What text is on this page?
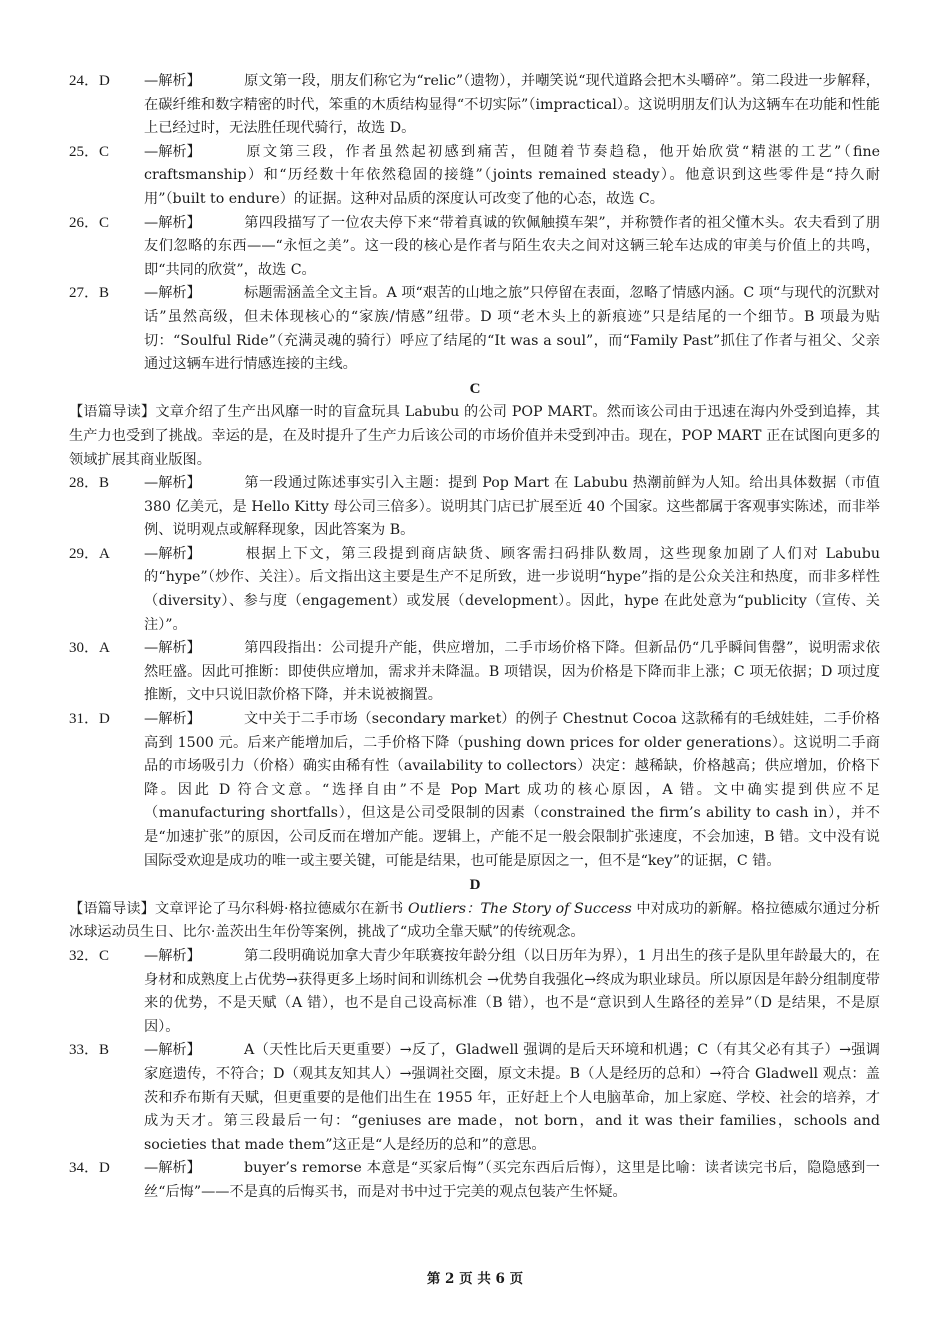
24．D	—解析】	原文第一段，朋友们称它为“relic”（遗物），并嘲笑说“现代道路会把木头嚼碎”。第二段进一步解释，在碳纤维和数字精密的时代，笨重的木质结构显得“不切实际”（impractical）。这说明朋友们认为这辆车在功能和性能上已经过时，无法胜任现代骑行，故选 D。
25．C	—解析】	原文第三段，作者虽然起初感到痛苦，但随着节奏趋稳，他开始欣赏“精湛的工艺”（fine craftsmanship）和“历经数十年依然稳固的接缝”（joints remained steady）。他意识到这些零件是“持久耐用”（built to endure）的证据。这种对品质的深度认可改变了他的心态，故选 C。
26．C	—解析】	第四段描写了一位农夫停下来“带着真诚的钦佩触摸车架”，并称赞作者的祖父懂木头。农夫看到了朋友们忽略的东西——“永恒之美”。这一段的核心是作者与陌生农夫之间对这辆三轮车达成的审美与价值上的共鸣，即“共同的欣赏”，故选 C。
27．B	—解析】	标题需涵盖全文主旨。A 项“艰苦的山地之旅”只停留在表面，忽略了情感内涵。C 项“与现代的沉默对话”虽然高级，但未体现核心的“家族/情感”纽带。D 项“老木头上的新痕迹”只是结尾的一个细节。B 项最为贴切：“Soulful Ride”（充满灵魂的骑行）呼应了结尾的“It was a soul”，而“Family Past”抓住了作者与祖父、父亲通过这辆车进行情感连接的主线。
C
【语篇导读】文章介绍了生产出风靡一时的盲盒玩具 Labubu 的公司 POP MART。然而该公司由于迅速在海内外受到追捧，其生产力也受到了挑战。幸运的是，在及时提升了生产力后该公司的市场价值并未受到冲击。现在，POP MART 正在试图向更多的领域扩展其商业版图。
28．B	—解析】	第一段通过陈述事实引入主题：提到 Pop Mart 在 Labubu 热潮前鲜为人知。给出具体数据（市值 380 亿美元，是 Hello Kitty 母公司三倍多）。说明其门店已扩展至近 40 个国家。这些都属于客观事实陈述，而非举例、说明观点或解释现象，因此答案为 B。
29．A	—解析】	根据上下文，第三段提到商店缺货、顾客需扫码排队数周，这些现象加剧了人们对 Labubu 的“hype”（炒作、关注）。后文指出这主要是生产不足所致，进一步说明“hype”指的是公众关注和热度，而非多样性（diversity）、参与度（engagement）或发展（development）。因此，hype 在此处意为“publicity（宣传、关注）”。
30．A	—解析】	第四段指出：公司提升产能，供应增加，二手市场价格下降。但新品仍“几乎瞬间售罄”，说明需求依然旺盛。因此可推断：即使供应增加，需求并未降温。B 项错误，因为价格是下降而非上涨；C 项无依据；D 项过度推断，文中只说旧款价格下降，并未说被搁置。
31．D	—解析】	文中关于二手市场（secondary market）的例子 Chestnut Cocoa 这款稀有的毛绒娃娃，二手价格高到 1500 元。后来产能增加后，二手价格下降（pushing down prices for older generations）。这说明二手商品的市场吸引力（价格）确实由稀有性（availability to collectors）决定：越稀缺，价格越高；供应增加，价格下降。因此 D 符合文意。“选择自由”不是 Pop Mart 成功的核心原因，A 错。文中确实提到供应不足（manufacturing shortfalls），但这是公司受限制的因素（constrained the firm’s ability to cash in），并不是“加速扩张”的原因，公司反而在增加产能。逻辑上，产能不足一般会限制扩张速度，不会加速，B 错。文中没有说国际受欢迎是成功的唯一或主要关键，可能是结果，也可能是原因之一，但不是“key”的证据，C 错。
D
【语篇导读】文章评论了马尔科姆·格拉德威尔在新书 Outliers：The Story of Success 中对成功的新解。格拉德威尔通过分析冰球运动员生日、比尔·盖茨出生年份等案例，挑战了“成功全靠天赋”的传统观念。
32．C	—解析】	第二段明确说加拿大青少年联赛按年龄分组（以日历年为界），1 月出生的孩子是队里年龄最大的，在身材和成熟度上占优势→获得更多上场时间和训练机会 →优势自我强化→终成为职业球员。所以原因是年龄分组制度带来的优势，不是天赋（A 错），也不是自己设高标准（B 错），也不是“意识到人生路径的差异”（D 是结果，不是原因）。
33．B	—解析】	A（天性比后天更重要）→反了，Gladwell 强调的是后天环境和机遇；C（有其父必有其子）→强调家庭遗传，不符合；D（观其友知其人）→强调社交圈，原文未提。B（人是经历的总和）→符合 Gladwell 观点：盖茨和乔布斯有天赋，但更重要的是他们出生在 1955 年，正好赶上个人电脑革命，加上家庭、学校、社会的培养，才成为天才。第三段最后一句：“geniuses are made，not born，and it was their families，schools and societies that made them”这正是“人是经历的总和”的意思。
34．D	—解析】	buyer’s remorse 本意是“买家后悔”（买完东西后后悔），这里是比喻：读者读完书后，隐隐感到一丝“后悔”——不是真的后悔买书，而是对书中过于完美的观点包装产生怀疑。
第 2 页 共 6 页
